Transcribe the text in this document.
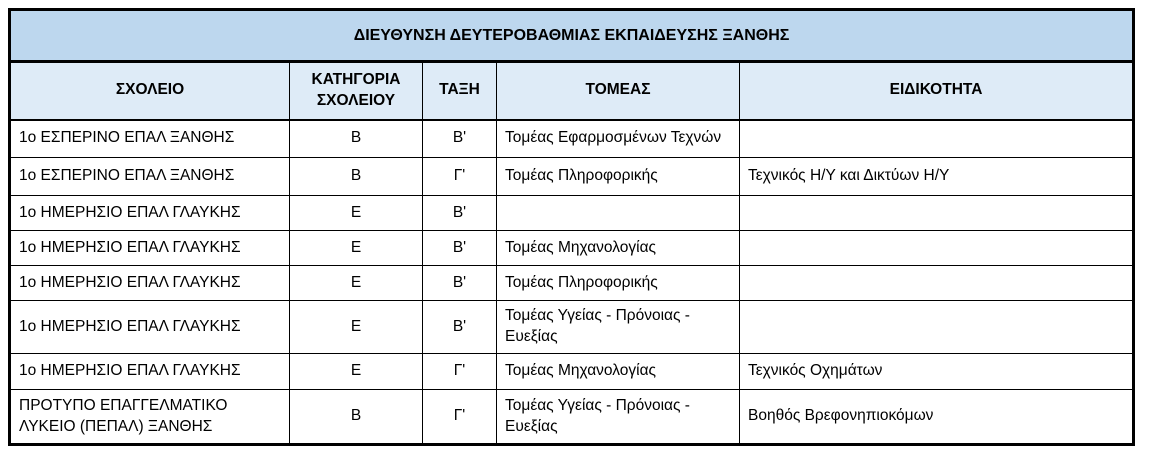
ΔΙΕΥΘΥΝΣΗ ΔΕΥΤΕΡΟΒΑΘΜΙΑΣ ΕΚΠΑΙΔΕΥΣΗΣ ΞΑΝΘΗΣ				
ΣΧΟΛΕΙΟ	ΚΑΤΗΓΟΡΙΑ ΣΧΟΛΕΙΟΥ	ΤΑΞΗ	ΤΟΜΕΑΣ	ΕΙΔΙΚΟΤΗΤΑ
1ο ΕΣΠΕΡΙΝΟ ΕΠΑΛ ΞΑΝΘΗΣ	Β	Β'	Τομέας Εφαρμοσμένων Τεχνών	
1ο ΕΣΠΕΡΙΝΟ ΕΠΑΛ ΞΑΝΘΗΣ	Β	Γ'	Τομέας Πληροφορικής	Τεχνικός Η/Υ και Δικτύων Η/Υ
1ο ΗΜΕΡΗΣΙΟ ΕΠΑΛ ΓΛΑΥΚΗΣ	Ε	Β'		
1ο ΗΜΕΡΗΣΙΟ ΕΠΑΛ ΓΛΑΥΚΗΣ	Ε	Β'	Τομέας Μηχανολογίας	
1ο ΗΜΕΡΗΣΙΟ ΕΠΑΛ ΓΛΑΥΚΗΣ	Ε	Β'	Τομέας Πληροφορικής	
1ο ΗΜΕΡΗΣΙΟ ΕΠΑΛ ΓΛΑΥΚΗΣ	Ε	Β'	Τομέας Υγείας - Πρόνοιας - Ευεξίας	
1ο ΗΜΕΡΗΣΙΟ ΕΠΑΛ ΓΛΑΥΚΗΣ	Ε	Γ'	Τομέας Μηχανολογίας	Τεχνικός Οχημάτων
ΠΡΟΤΥΠΟ ΕΠΑΓΓΕΛΜΑΤΙΚΟ ΛΥΚΕΙΟ (ΠΕΠΑΛ) ΞΑΝΘΗΣ	Β	Γ'	Τομέας Υγείας - Πρόνοιας - Ευεξίας	Βοηθός Βρεφονηπιοκόμων
